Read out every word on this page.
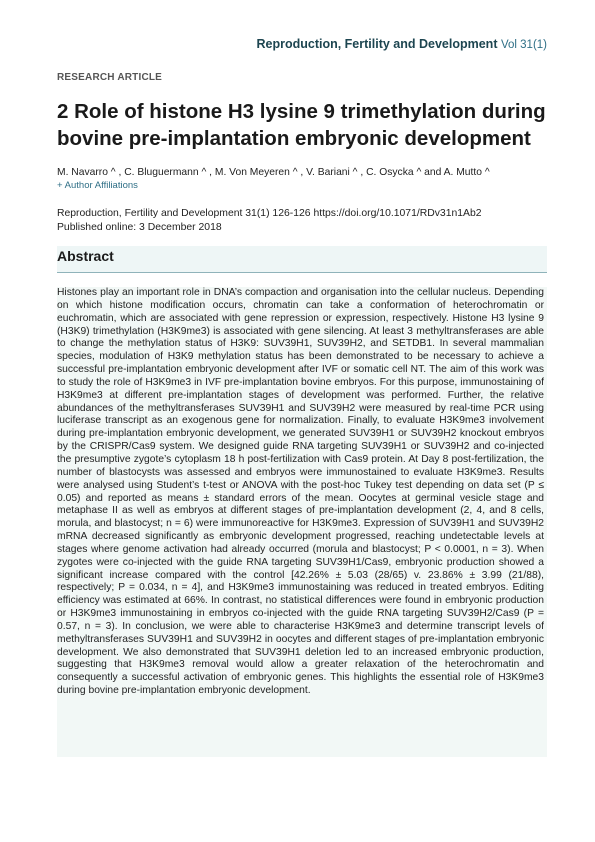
Reproduction, Fertility and Development Vol 31(1)
RESEARCH ARTICLE
2 Role of histone H3 lysine 9 trimethylation during bovine pre-implantation embryonic development
M. Navarro ^ , C. Bluguermann ^ , M. Von Meyeren ^ , V. Bariani ^ , C. Osycka ^ and A. Mutto ^
+ Author Affiliations
Reproduction, Fertility and Development 31(1) 126-126 https://doi.org/10.1071/RDv31n1Ab2
Published online: 3 December 2018
Abstract

Histones play an important role in DNA’s compaction and organisation into the cellular nucleus. Depending on which histone modification occurs, chromatin can take a conformation of heterochromatin or euchromatin, which are associated with gene repression or expression, respectively. Histone H3 lysine 9 (H3K9) trimethylation (H3K9me3) is associated with gene silencing. At least 3 methyltransferases are able to change the methylation status of H3K9: SUV39H1, SUV39H2, and SETDB1. In several mammalian species, modulation of H3K9 methylation status has been demonstrated to be necessary to achieve a successful pre-implantation embryonic development after IVF or somatic cell NT. The aim of this work was to study the role of H3K9me3 in IVF pre-implantation bovine embryos. For this purpose, immunostaining of H3K9me3 at different pre-implantation stages of development was performed. Further, the relative abundances of the methyltransferases SUV39H1 and SUV39H2 were measured by real-time PCR using luciferase transcript as an exogenous gene for normalization. Finally, to evaluate H3K9me3 involvement during pre-implantation embryonic development, we generated SUV39H1 or SUV39H2 knockout embryos by the CRISPR/Cas9 system. We designed guide RNA targeting SUV39H1 or SUV39H2 and co-injected the presumptive zygote’s cytoplasm 18 h post-fertilization with Cas9 protein. At Day 8 post-fertilization, the number of blastocysts was assessed and embryos were immunostained to evaluate H3K9me3. Results were analysed using Student’s t-test or ANOVA with the post-hoc Tukey test depending on data set (P ≤ 0.05) and reported as means ± standard errors of the mean. Oocytes at germinal vesicle stage and metaphase II as well as embryos at different stages of pre-implantation development (2, 4, and 8 cells, morula, and blastocyst; n = 6) were immunoreactive for H3K9me3. Expression of SUV39H1 and SUV39H2 mRNA decreased significantly as embryonic development progressed, reaching undetectable levels at stages where genome activation had already occurred (morula and blastocyst; P < 0.0001, n = 3). When zygotes were co-injected with the guide RNA targeting SUV39H1/Cas9, embryonic production showed a significant increase compared with the control [42.26% ± 5.03 (28/65) v. 23.86% ± 3.99 (21/88), respectively; P = 0.034, n = 4], and H3K9me3 immunostaining was reduced in treated embryos. Editing efficiency was estimated at 66%. In contrast, no statistical differences were found in embryonic production or H3K9me3 immunostaining in embryos co-injected with the guide RNA targeting SUV39H2/Cas9 (P = 0.57, n = 3). In conclusion, we were able to characterise H3K9me3 and determine transcript levels of methyltransferases SUV39H1 and SUV39H2 in oocytes and different stages of pre-implantation embryonic development. We also demonstrated that SUV39H1 deletion led to an increased embryonic production, suggesting that H3K9me3 removal would allow a greater relaxation of the heterochromatin and consequently a successful activation of embryonic genes. This highlights the essential role of H3K9me3 during bovine pre-implantation embryonic development.
